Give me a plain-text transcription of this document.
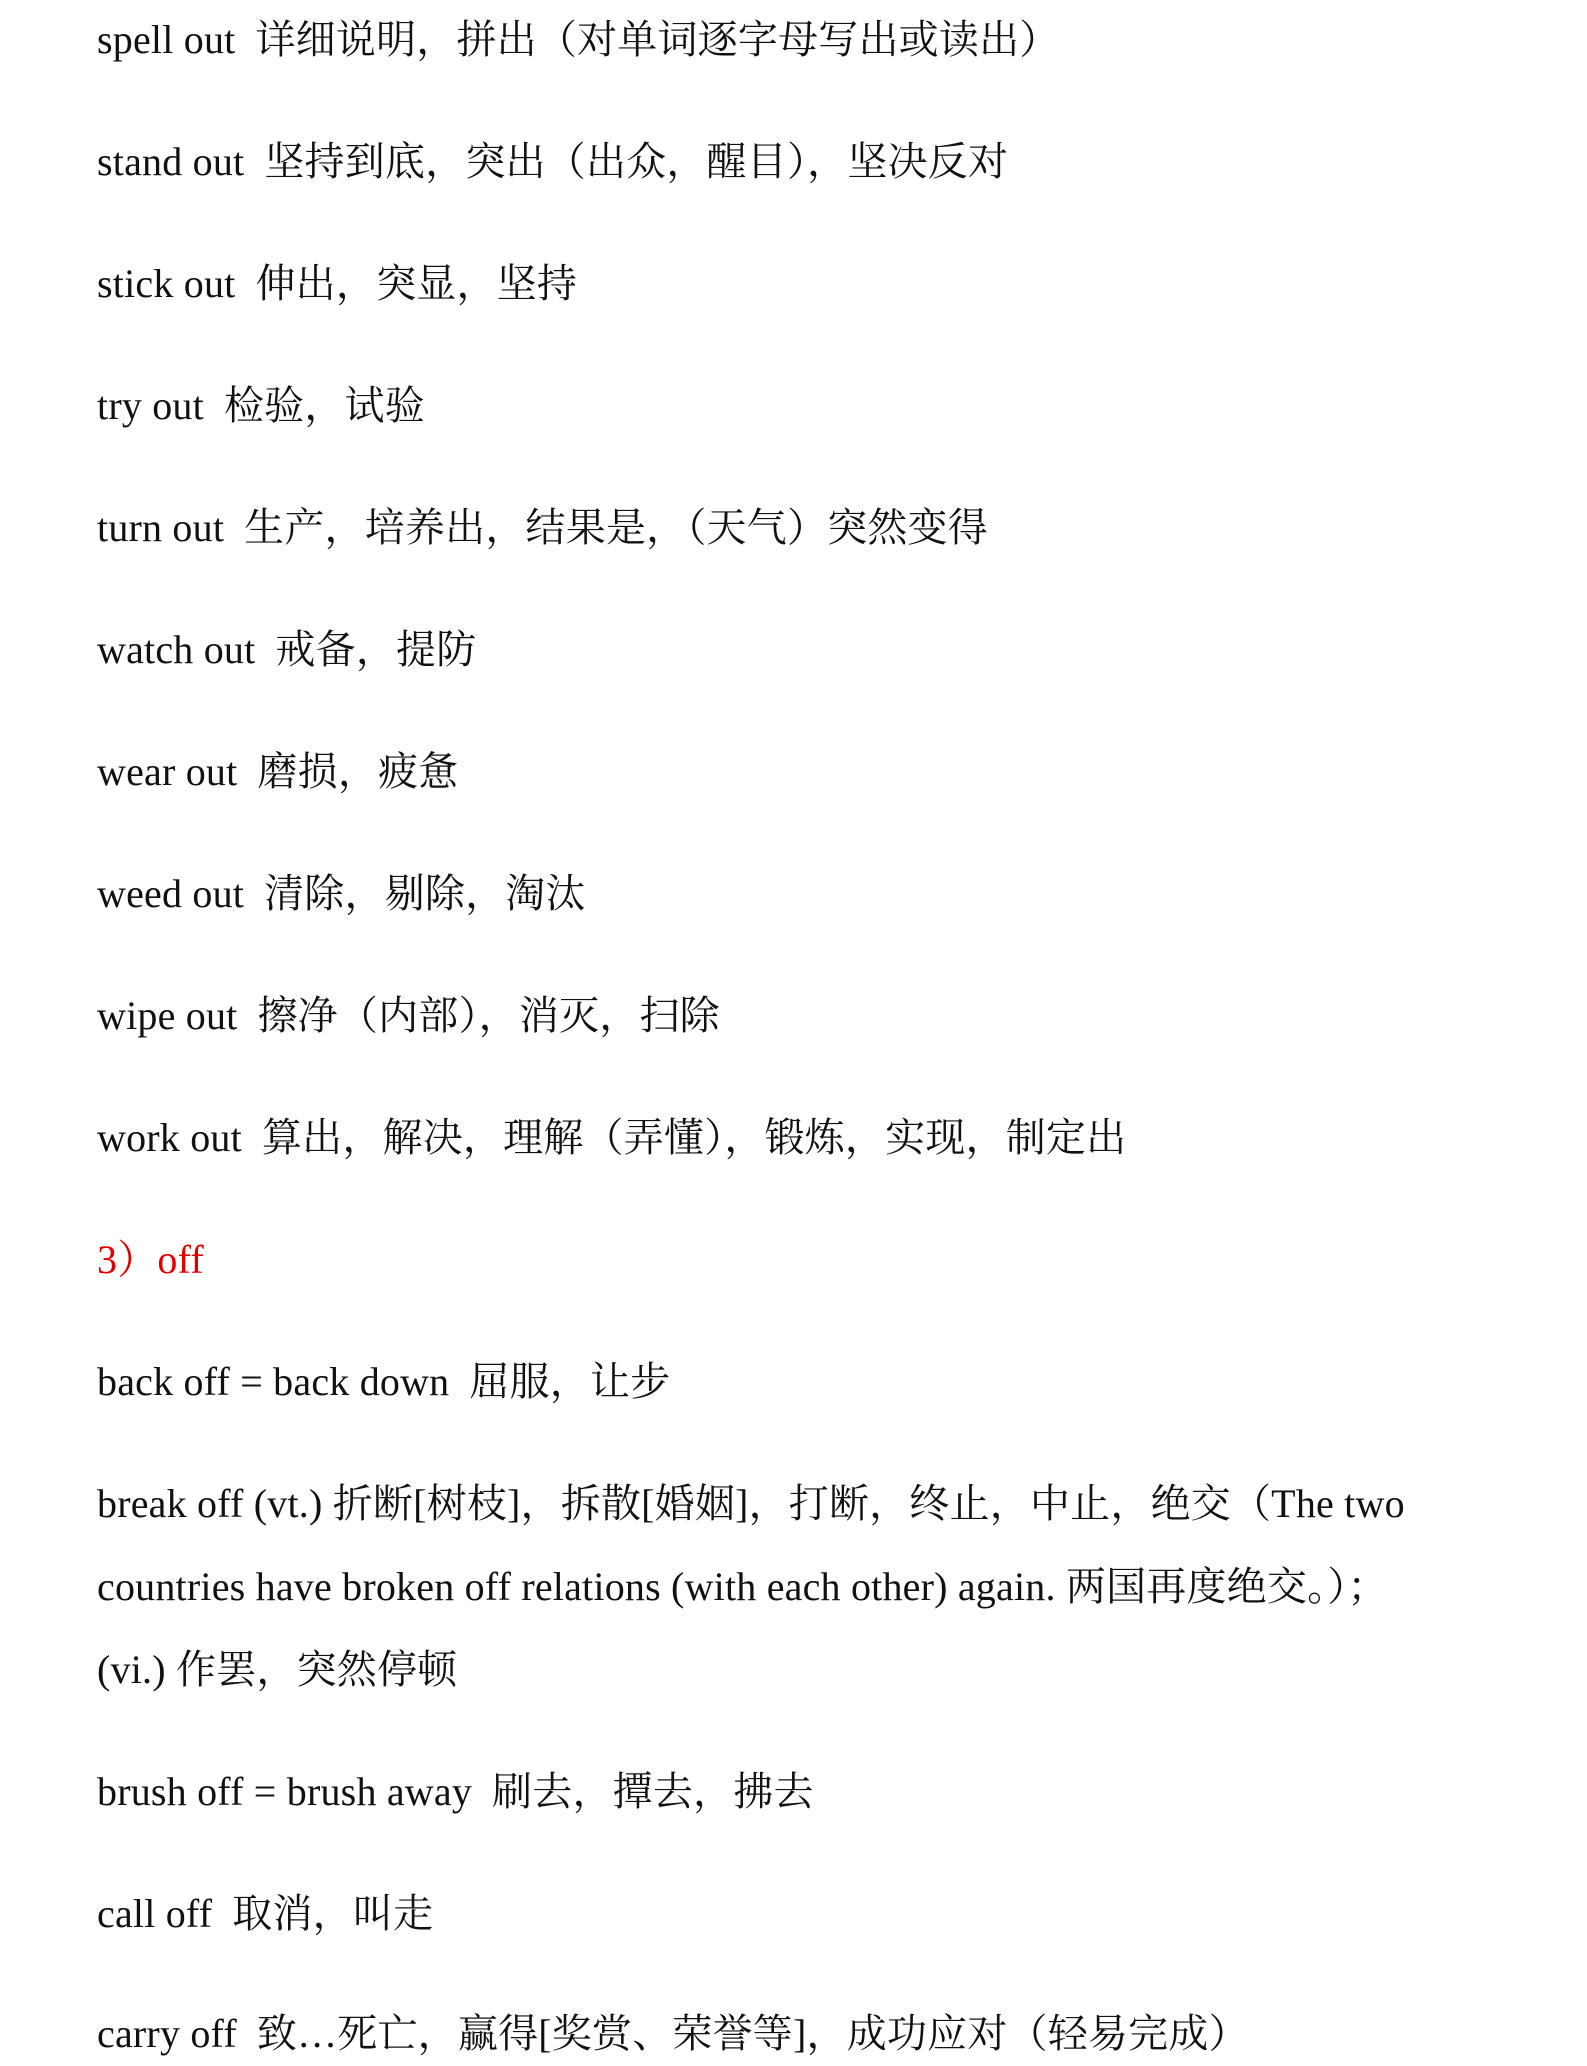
spell out 详细说明，拼出（对单词逐字母写出或读出）
stand out 坚持到底，突出（出众，醒目），坚决反对
stick out 伸出，突显，坚持
try out 检验，试验
turn out 生产，培养出，结果是，（天气）突然变得
watch out 戒备，提防
wear out 磨损，疲惫
weed out 清除，剔除，淘汰
wipe out 擦净（内部），消灭，扫除
work out 算出，解决，理解（弄懂），锻炼，实现，制定出
3）off
back off = back down 屈服，让步
break off (vt.) 折断[树枝]，拆散[婚姻]，打断，终止，中止，绝交（The two
countries have broken off relations (with each other) again. 两国再度绝交。）；
(vi.) 作罢，突然停顿
brush off = brush away 刷去，撢去，拂去
call off 取消，叫走
carry off 致…死亡，赢得[奖赏、荣誉等]，成功应对（轻易完成）
